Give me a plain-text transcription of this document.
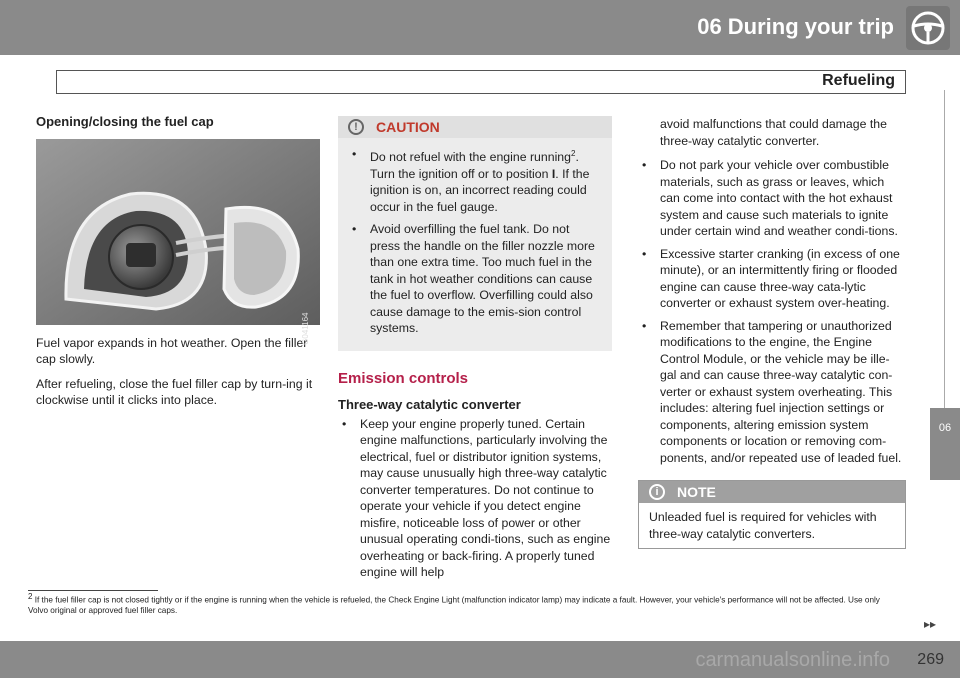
06 During your trip
Refueling
06
Opening/closing the fuel cap
G041164

Fuel vapor expands in hot weather. Open the filler cap slowly.

After refueling, close the fuel filler cap by turn-ing it clockwise until it clicks into place.

!	CAUTION
• Do not refuel with the engine running$^2$. Turn the ignition off or to position I. If the ignition is on, an incorrect reading could occur in the fuel gauge.
• Avoid overfilling the fuel tank. Do not press the handle on the filler nozzle more than one extra time. Too much fuel in the tank in hot weather conditions can cause the fuel to overflow. Overfilling could also cause damage to the emis-sion control systems.
Emission controls
Three-way catalytic converter
• Keep your engine properly tuned. Certain engine malfunctions, particularly involving the electrical, fuel or distributor ignition systems, may cause unusually high three-way catalytic converter temperatures. Do not continue to operate your vehicle if you detect engine misfire, noticeable loss of power or other unusual operating condi-tions, such as engine overheating or back-firing. A properly tuned engine will help

avoid malfunctions that could damage the three-way catalytic converter.

• Do not park your vehicle over combustible materials, such as grass or leaves, which can come into contact with the hot exhaust system and cause such materials to ignite under certain wind and weather condi-tions.
• Excessive starter cranking (in excess of one minute), or an intermittently firing or flooded engine can cause three-way cata-lytic converter or exhaust system over-heating.
• Remember that tampering or unauthorized modifications to the engine, the Engine Control Module, or the vehicle may be ille-gal and can cause three-way catalytic con-verter or exhaust system overheating. This includes: altering fuel injection settings or components, altering emission system components or location or removing com-ponents, and/or repeated use of leaded fuel.
i	NOTE
Unleaded fuel is required for vehicles with three-way catalytic converters.
$^2$ If the fuel filler cap is not closed tightly or if the engine is running when the vehicle is refueled, the Check Engine Light (malfunction indicator lamp) may indicate a fault. However, your vehicle's performance will not be affected. Use only Volvo original or approved fuel filler caps.
▸▸
carmanualsonline.info 269
